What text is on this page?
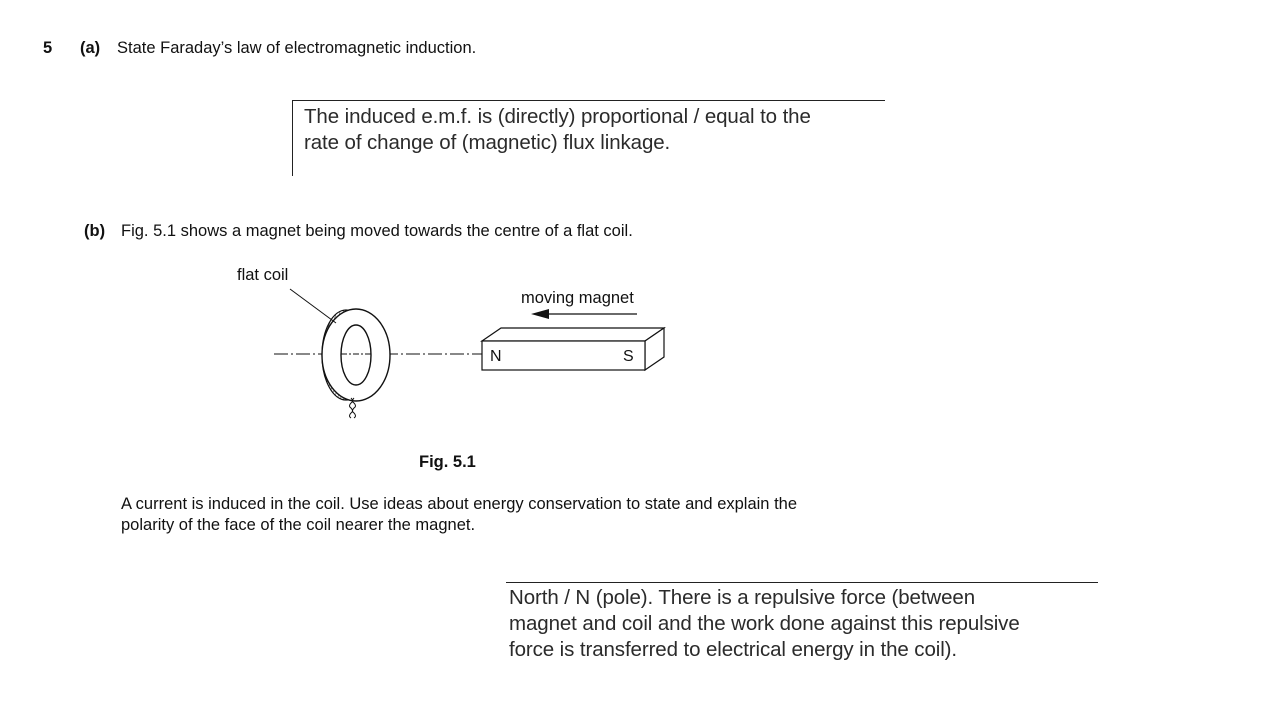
5 (a) State Faraday’s law of electromagnetic induction.
The induced e.m.f. is (directly) proportional / equal to the
rate of change of (magnetic) flux linkage.
(b) Fig. 5.1 shows a magnet being moved towards the centre of a flat coil.
flat coil
moving magnet
N	S
Fig. 5.1
A current is induced in the coil. Use ideas about energy conservation to state and explain the
polarity of the face of the coil nearer the magnet.
North / N (pole). There is a repulsive force (between
magnet and coil and the work done against this repulsive
force is transferred to electrical energy in the coil).
